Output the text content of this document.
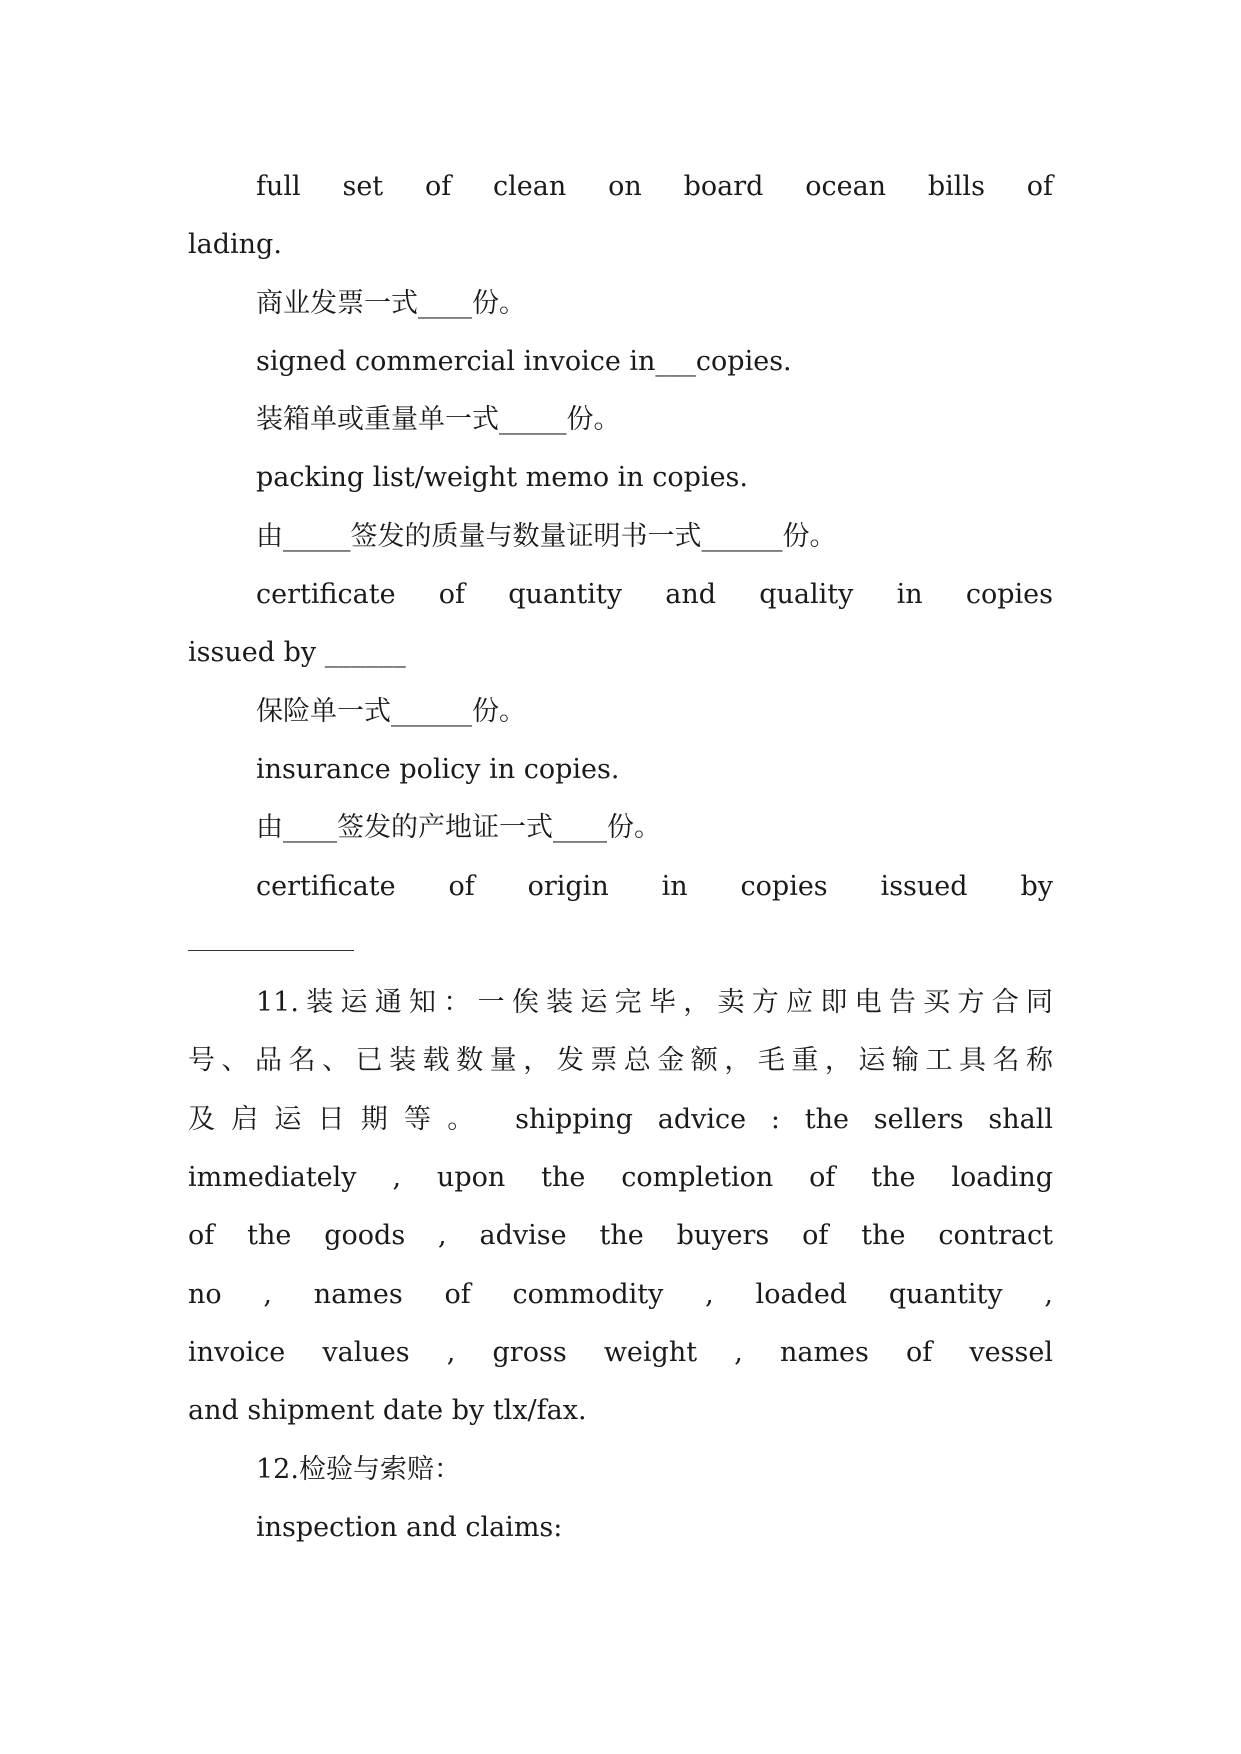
full set of clean on board ocean bills of
lading.
商业发票一式____份。
signed commercial invoice in___copies.
装箱单或重量单一式_____份。
packing list/weight memo in copies.
由_____签发的质量与数量证明书一式______份。
certificate of quantity and quality in copies
issued by ______
保险单一式______份。
insurance policy in copies.
由____签发的产地证一式____份。
certificate of origin in copies issued by
11.装运通知：一俟装运完毕，卖方应即电告买方合同
号、品名、已装载数量，发票总金额，毛重，运输工具名称
及启运日期等。 shipping advice : the sellers shall
immediately , upon the completion of the loading
of the goods , advise the buyers of the contract
no , names of commodity , loaded quantity ,
invoice values , gross weight , names of vessel
and shipment date by tlx/fax.
12.检验与索赔：
inspection and claims:
